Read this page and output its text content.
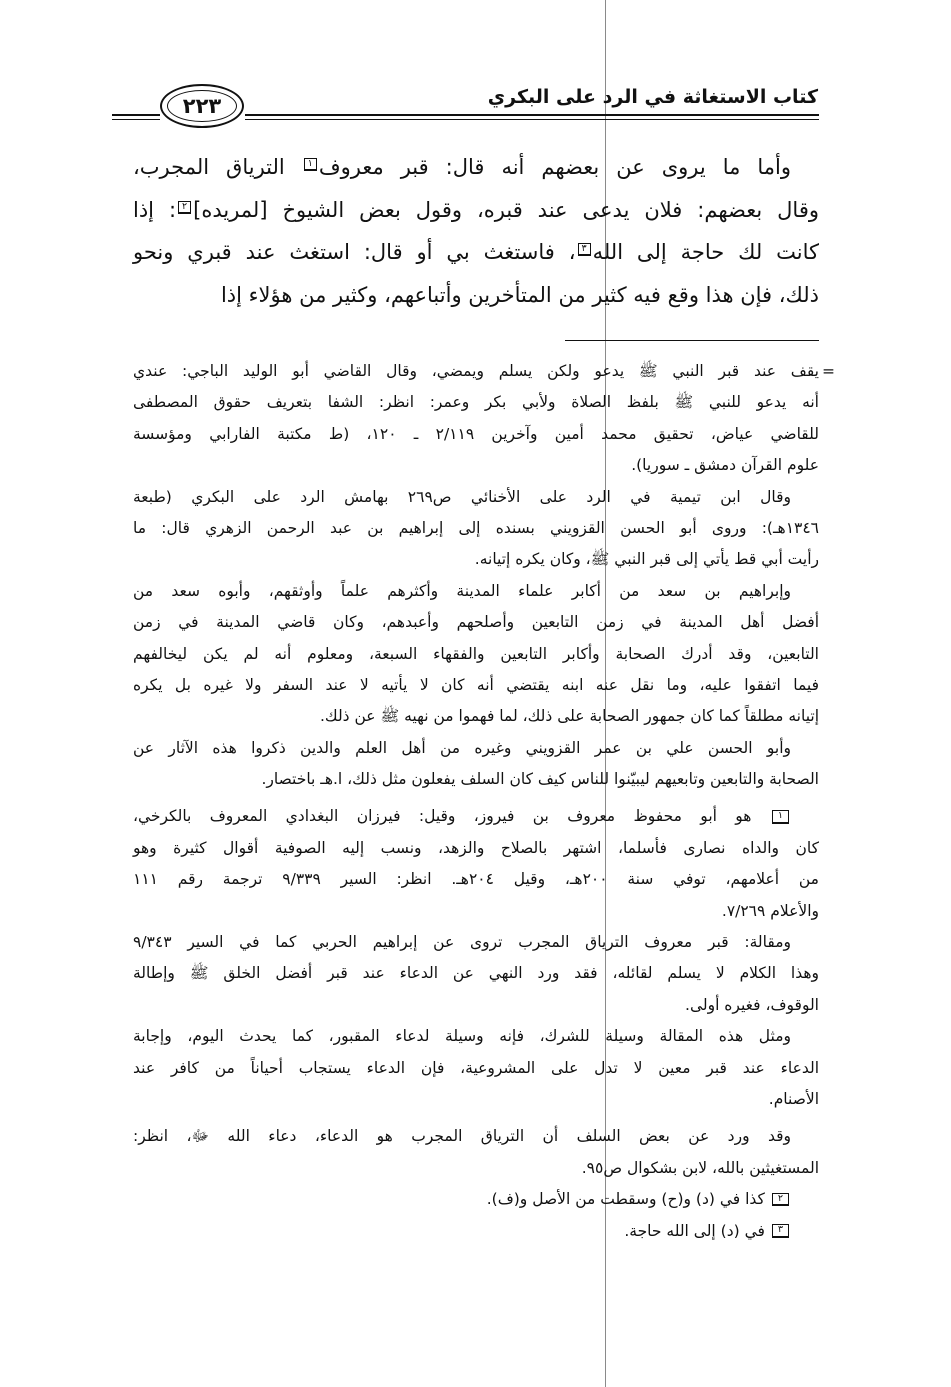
كتاب الاستغاثة في الرد على البكري
٢٢٣
وأما ما يروى عن بعضهم أنه قال: قبر معروف١ الترياق المجرب،
وقال بعضهم: فلان يدعى عند قبره، وقول بعض الشيوخ [لمريده]٢: إذا
كانت لك حاجة إلى الله٣، فاستغث بي أو قال: استغث عند قبري ونحو
ذلك، فإن هذا وقع فيه كثير من المتأخرين وأتباعهم، وكثير من هؤلاء إذا
=
يقف عند قبر النبي ﷺ يدعو ولكن يسلم ويمضي، وقال القاضي أبو الوليد الباجي: عندي
أنه يدعو للنبي ﷺ بلفظ الصلاة ولأبي بكر وعمر: انظر: الشفا بتعريف حقوق المصطفى
للقاضي عياض، تحقيق محمد أمين وآخرين ٢/١١٩ ـ ١٢٠، (ط مكتبة الفارابي ومؤسسة
علوم القرآن دمشق ـ سوريا).
وقال ابن تيمية في الرد على الأخنائي ص٢٦٩ بهامش الرد على البكري (طبعة
١٣٤٦هـ): وروى أبو الحسن القزويني بسنده إلى إبراهيم بن عبد الرحمن الزهري قال: ما
رأيت أبي قط يأتي إلى قبر النبي ﷺ، وكان يكره إتيانه.
وإبراهيم بن سعد من أكابر علماء المدينة وأكثرهم علماً وأوثقهم، وأبوه سعد من
أفضل أهل المدينة في زمن التابعين وأصلحهم وأعبدهم، وكان قاضي المدينة في زمن
التابعين، وقد أدرك الصحابة وأكابر التابعين والفقهاء السبعة، ومعلوم أنه لم يكن ليخالفهم
فيما اتفقوا عليه، وما نقل عنه ابنه يقتضي أنه كان لا يأتيه لا عند السفر ولا غيره بل يكره
إتيانه مطلقاً كما كان جمهور الصحابة على ذلك، لما فهموا من نهيه ﷺ عن ذلك.
وأبو الحسن علي بن عمر القزويني وغيره من أهل العلم والدين ذكروا هذه الآثار عن
الصحابة والتابعين وتابعيهم ليبيّنوا للناس كيف كان السلف يفعلون مثل ذلك، ا.هـ باختصار.
١ هو أبو محفوظ معروف بن فيروز، وقيل: فيرزان البغدادي المعروف بالكرخي،
كان والداه نصارى فأسلما، اشتهر بالصلاح والزهد، ونسب إليه الصوفية أقوال كثيرة وهو
من أعلامهم، توفي سنة ٢٠٠هـ، وقيل ٢٠٤هـ. انظر: السير ٩/٣٣٩ ترجمة رقم ١١١
والأعلام ٧/٢٦٩.
ومقالة: قبر معروف الترياق المجرب تروى عن إبراهيم الحربي كما في السير ٩/٣٤٣
وهذا الكلام لا يسلم لقائله، فقد ورد النهي عن الدعاء عند قبر أفضل الخلق ﷺ وإطالة
الوقوف، فغيره أولى.
ومثل هذه المقالة وسيلة للشرك، فإنه وسيلة لدعاء المقبور، كما يحدث اليوم، وإجابة
الدعاء عند قبر معين لا تدل على المشروعية، فإن الدعاء يستجاب أحياناً من كافر عند
الأصنام.
وقد ورد عن بعض السلف أن الترياق المجرب هو الدعاء، دعاء الله ﷻ، انظر:
المستغيثين بالله، لابن بشكوال ص٩٥.
٢ كذا في (د) و(ح) وسقطت من الأصل و(ف).
٣ في (د) إلى الله حاجة.
